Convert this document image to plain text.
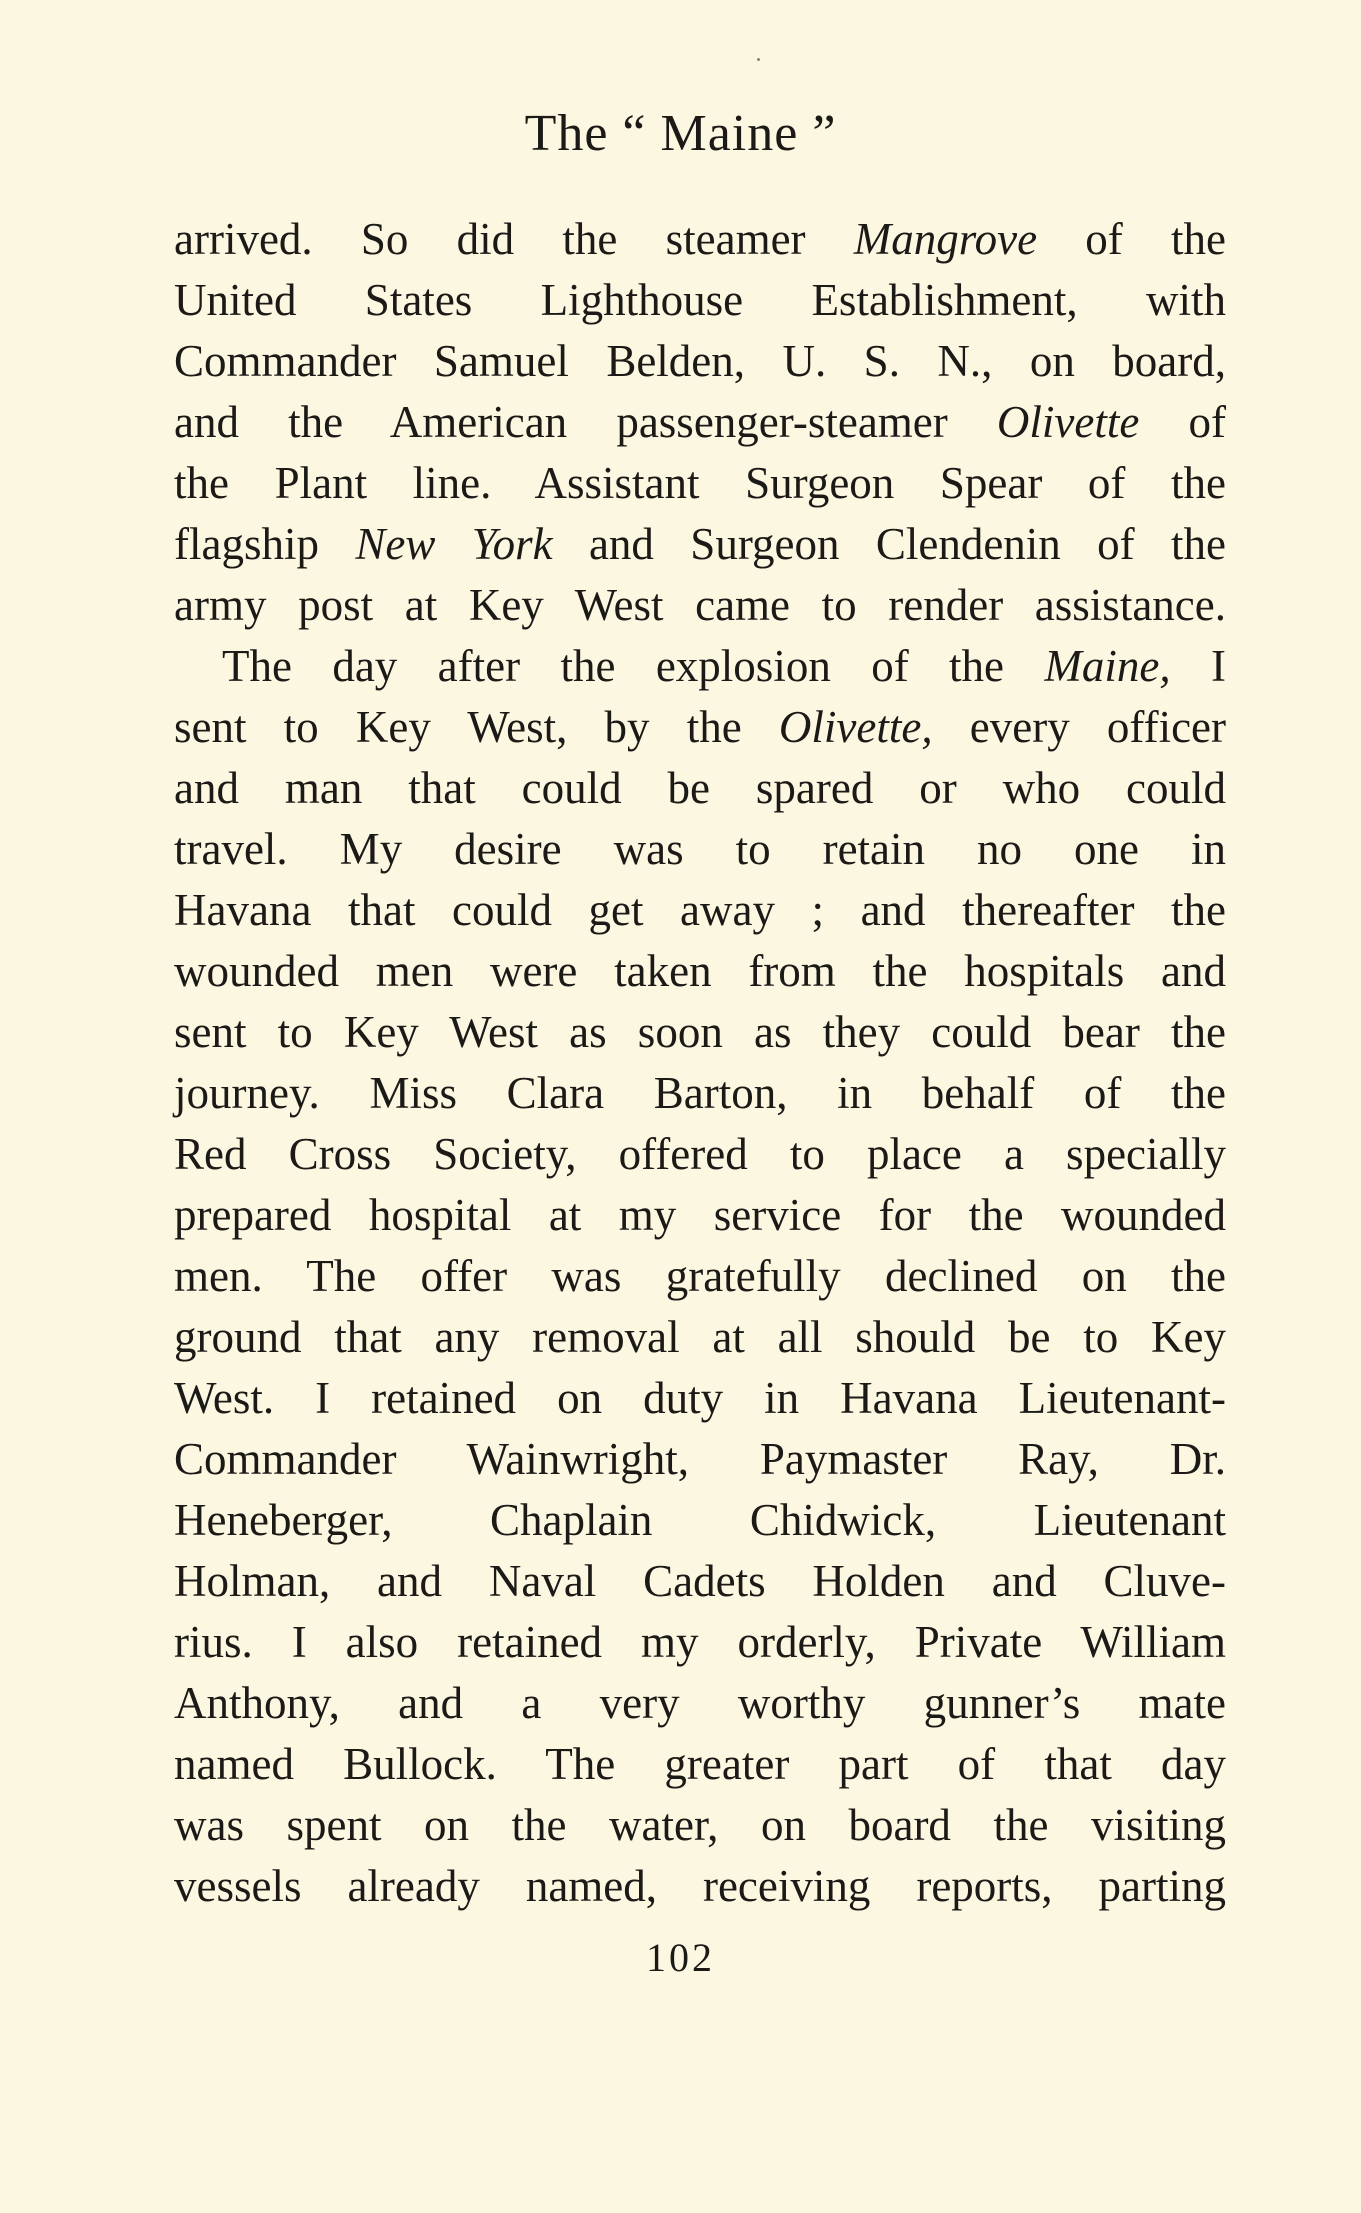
The “ Maine ”
arrived. So did the steamer Mangrove of the
United States Lighthouse Establishment, with
Commander Samuel Belden, U. S. N., on board,
and the American passenger-steamer Olivette of
the Plant line. Assistant Surgeon Spear of the
flagship New York and Surgeon Clendenin of the
army post at Key West came to render assistance.
The day after the explosion of the Maine, I
sent to Key West, by the Olivette, every officer
and man that could be spared or who could
travel. My desire was to retain no one in
Havana that could get away ; and thereafter the
wounded men were taken from the hospitals and
sent to Key West as soon as they could bear the
journey. Miss Clara Barton, in behalf of the
Red Cross Society, offered to place a specially
prepared hospital at my service for the wounded
men. The offer was gratefully declined on the
ground that any removal at all should be to Key
West. I retained on duty in Havana Lieutenant-
Commander Wainwright, Paymaster Ray, Dr.
Heneberger, Chaplain Chidwick, Lieutenant
Holman, and Naval Cadets Holden and Cluve-
rius. I also retained my orderly, Private William
Anthony, and a very worthy gunner’s mate
named Bullock. The greater part of that day
was spent on the water, on board the visiting
vessels already named, receiving reports, parting
102
